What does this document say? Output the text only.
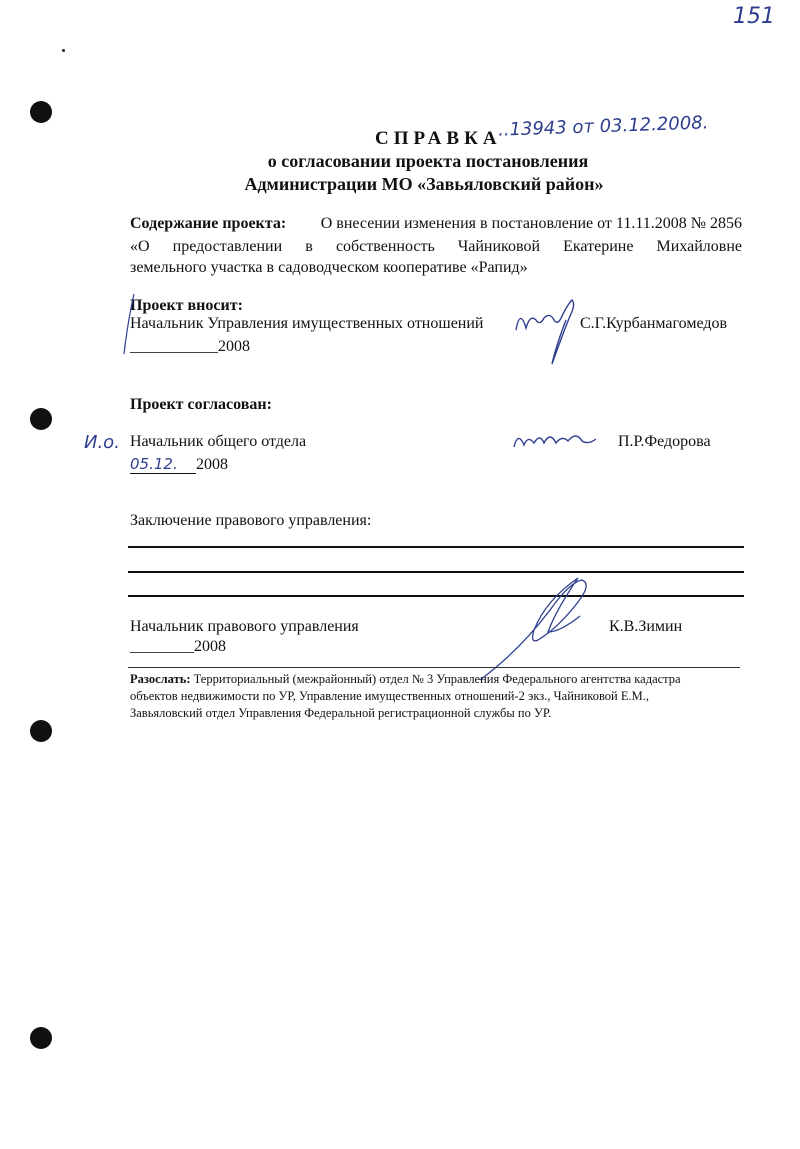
151
СПРАВКА
..13943 от 03.12.2008.
о согласовании проекта постановления
Администрации МО «Завьяловский район»
Содержание проекта: О внесении изменения в постановление от 11.11.2008 № 2856
«О предоставлении в собственность Чайниковой Екатерине Михайловне
земельного участка в садоводческом кооперативе «Рапид»
Проект вносит:
Начальник Управления имущественных отношений	С.Г.Курбанмагомедов
___________2008
Проект согласован:
И.о. Начальник общего отдела	П.Р.Федорова
05.12. 2008
Заключение правового управления:
Начальник правового управления	К.В.Зимин
________2008
Разослать: Территориальный (межрайонный) отдел № 3 Управления Федерального агентства кадастра
объектов недвижимости по УР, Управление имущественных отношений-2 экз., Чайниковой Е.М.,
Завьяловский отдел Управления Федеральной регистрационной службы по УР.
